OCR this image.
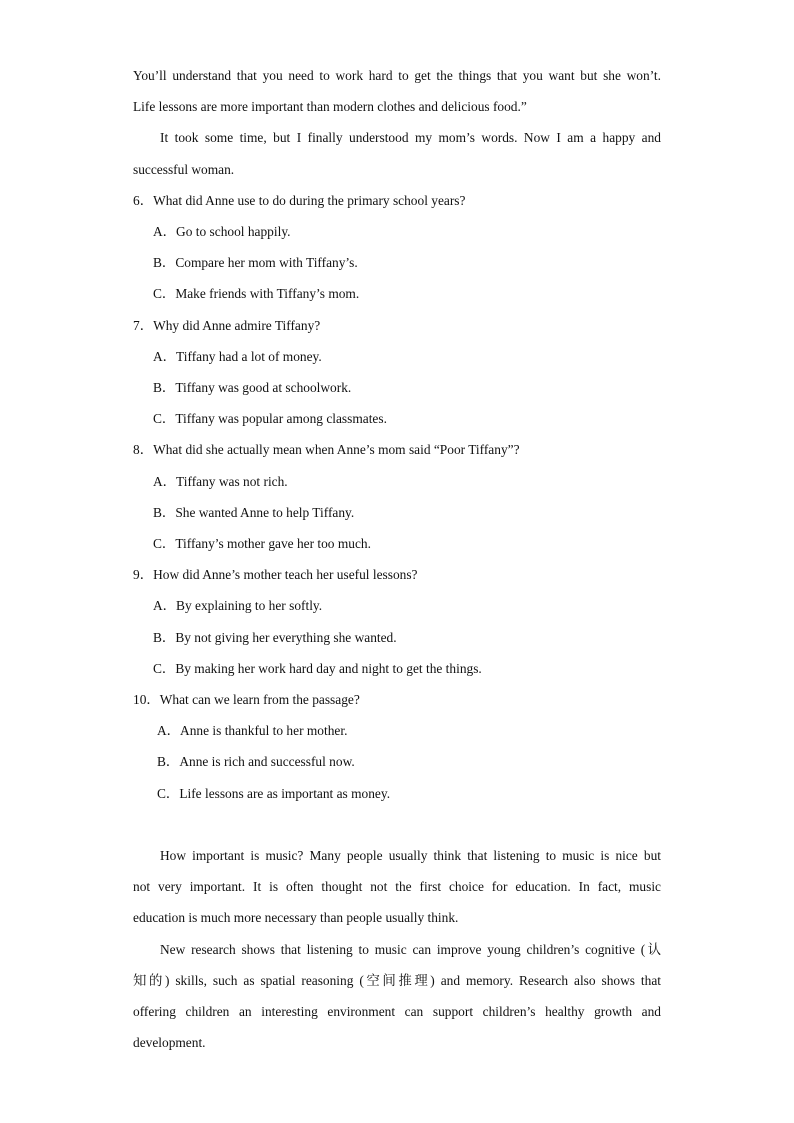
You’ll understand that you need to work hard to get the things that you want but she won’t.
Life lessons are more important than modern clothes and delicious food.”
It took some time, but I finally understood my mom’s words. Now I am a happy and
successful woman.
6．What did Anne use to do during the primary school years?
A．Go to school happily.
B．Compare her mom with Tiffany’s.
C．Make friends with Tiffany’s mom.
7．Why did Anne admire Tiffany?
A．Tiffany had a lot of money.
B．Tiffany was good at schoolwork.
C．Tiffany was popular among classmates.
8．What did she actually mean when Anne’s mom said “Poor Tiffany”?
A．Tiffany was not rich.
B．She wanted Anne to help Tiffany.
C．Tiffany’s mother gave her too much.
9．How did Anne’s mother teach her useful lessons?
A．By explaining to her softly.
B．By not giving her everything she wanted.
C．By making her work hard day and night to get the things.
10．What can we learn from the passage?
A．Anne is thankful to her mother.
B．Anne is rich and successful now.
C．Life lessons are as important as money.
How important is music? Many people usually think that listening to music is nice but
not very important. It is often thought not the first choice for education. In fact, music
education is much more necessary than people usually think.
New research shows that listening to music can improve young children’s cognitive (认
知的) skills, such as spatial reasoning (空间推理) and memory. Research also shows that
offering children an interesting environment can support children’s healthy growth and
development.
